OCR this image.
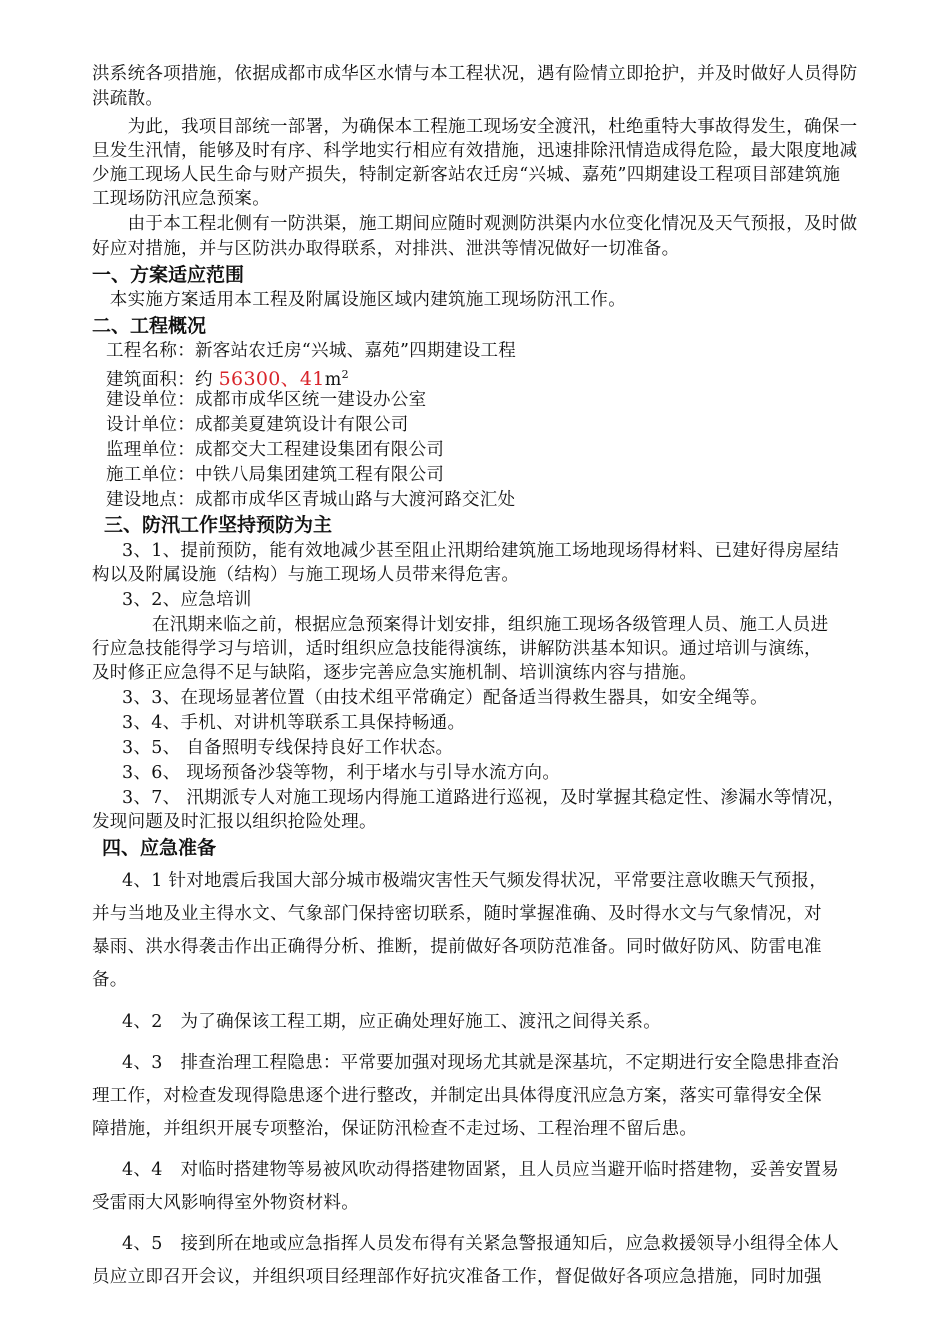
洪系统各项措施，依据成都市成华区水情与本工程状况，遇有险情立即抢护，并及时做好人员得防

洪疏散。

　　为此，我项目部统一部署，为确保本工程施工现场安全渡汛，杜绝重特大事故得发生，确保一

旦发生汛情，能够及时有序、科学地实行相应有效措施，迅速排除汛情造成得危险，最大限度地减

少施工现场人民生命与财产损失，特制定新客站农迁房“兴城、嘉苑”四期建设工程项目部建筑施

工现场防汛应急预案。

　　由于本工程北侧有一防洪渠，施工期间应随时观测防洪渠内水位变化情况及天气预报，及时做

好应对措施，并与区防洪办取得联系，对排洪、泄洪等情况做好一切准备。

一、方案适应范围

　本实施方案适用本工程及附属设施区域内建筑施工现场防汛工作。

二、工程概况

工程名称：新客站农迁房“兴城、嘉苑”四期建设工程

建筑面积：约 56300、$41m^2$

建设单位：成都市成华区统一建设办公室

设计单位：成都美夏建筑设计有限公司

监理单位：成都交大工程建设集团有限公司

施工单位：中铁八局集团建筑工程有限公司

建设地点：成都市成华区青城山路与大渡河路交汇处

三、防汛工作坚持预防为主

3、1、提前预防，能有效地减少甚至阻止汛期给建筑施工场地现场得材料、已建好得房屋结

构以及附属设施（结构）与施工现场人员带来得危害。

3、2、应急培训

在汛期来临之前，根据应急预案得计划安排，组织施工现场各级管理人员、施工人员进

行应急技能得学习与培训，适时组织应急技能得演练，讲解防洪基本知识。通过培训与演练，

及时修正应急得不足与缺陷，逐步完善应急实施机制、培训演练内容与措施。

3、3、在现场显著位置（由技术组平常确定）配备适当得救生器具，如安全绳等。

3、4、手机、对讲机等联系工具保持畅通。

3、5、 自备照明专线保持良好工作状态。

3、6、 现场预备沙袋等物，利于堵水与引导水流方向。

3、7、 汛期派专人对施工现场内得施工道路进行巡视，及时掌握其稳定性、渗漏水等情况，

发现问题及时汇报以组织抢险处理。

四、应急准备

4、1 针对地震后我国大部分城市极端灾害性天气频发得状况，平常要注意收瞧天气预报，

并与当地及业主得水文、气象部门保持密切联系，随时掌握准确、及时得水文与气象情况，对

暴雨、洪水得袭击作出正确得分析、推断，提前做好各项防范准备。同时做好防风、防雷电准

备。

4、2　为了确保该工程工期，应正确处理好施工、渡汛之间得关系。

4、3　排查治理工程隐患：平常要加强对现场尤其就是深基坑，不定期进行安全隐患排查治

理工作，对检查发现得隐患逐个进行整改，并制定出具体得度汛应急方案，落实可靠得安全保

障措施，并组织开展专项整治，保证防汛检查不走过场、工程治理不留后患。

4、4　对临时搭建物等易被风吹动得搭建物固紧，且人员应当避开临时搭建物，妥善安置易

受雷雨大风影响得室外物资材料。

4、5　接到所在地或应急指挥人员发布得有关紧急警报通知后，应急救援领导小组得全体人

员应立即召开会议，并组织项目经理部作好抗灾准备工作，督促做好各项应急措施，同时加强
